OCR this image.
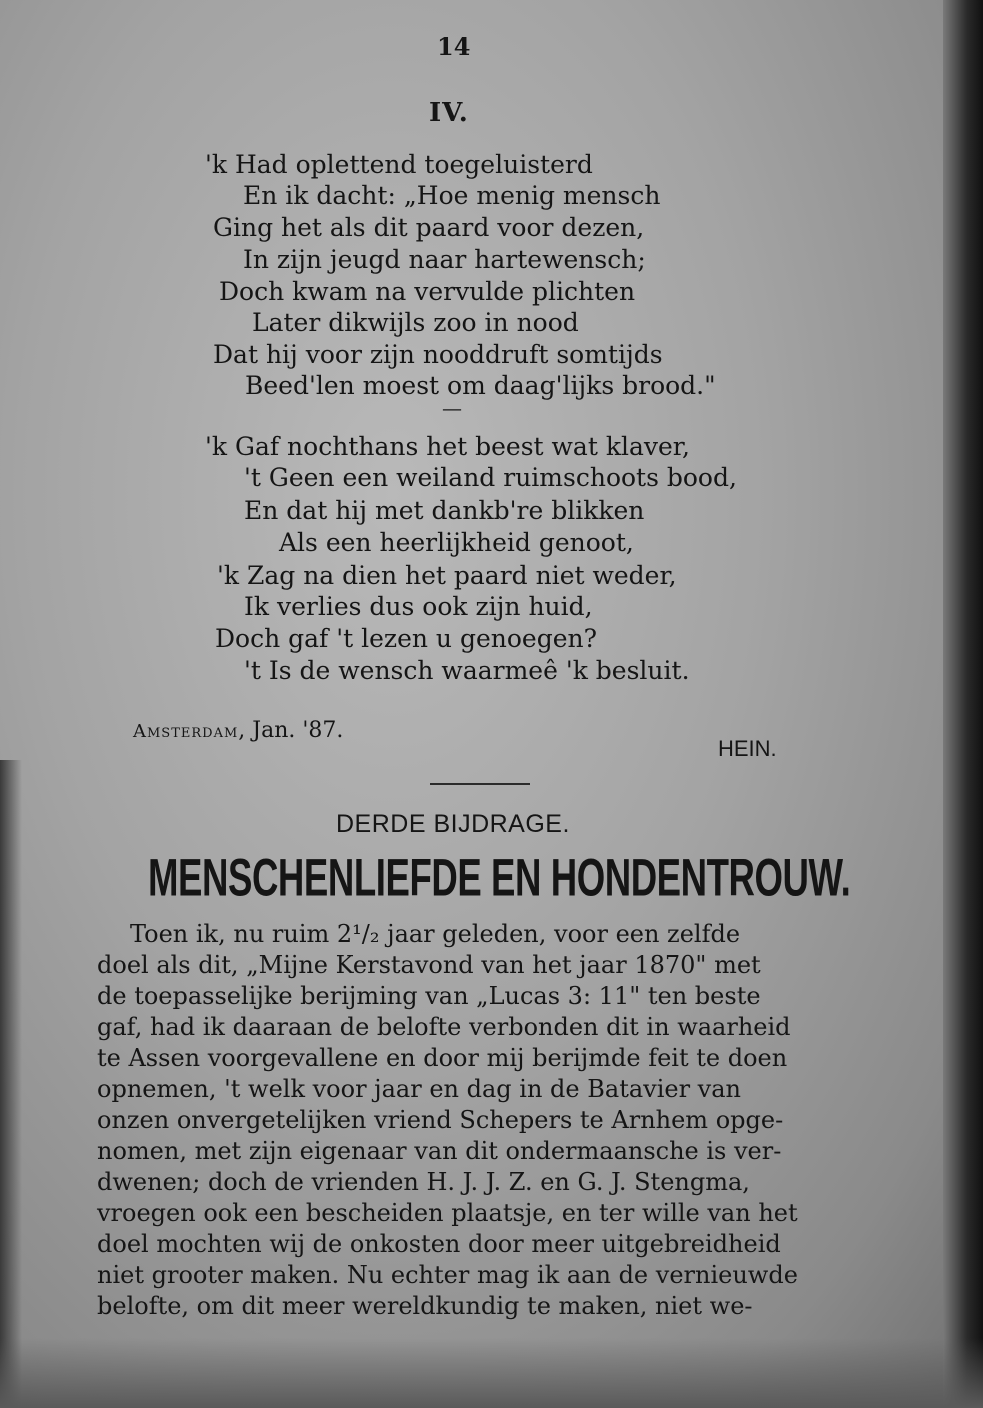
14
IV.
'k Had oplettend toegeluisterd
En ik dacht: „Hoe menig mensch
Ging het als dit paard voor dezen,
In zijn jeugd naar hartewensch;
Doch kwam na vervulde plichten
Later dikwijls zoo in nood
Dat hij voor zijn nooddruft somtijds
Beed'len moest om daag'lijks brood."
—
'k Gaf nochthans het beest wat klaver,
't Geen een weiland ruimschoots bood,
En dat hij met dankb're blikken
Als een heerlijkheid genoot,
'k Zag na dien het paard niet weder,
Ik verlies dus ook zijn huid,
Doch gaf 't lezen u genoegen?
't Is de wensch waarmeê 'k besluit.
Amsterdam, Jan. '87.
HEIN.
DERDE BIJDRAGE.
MENSCHENLIEFDE EN HONDENTROUW.
Toen ik, nu ruim 2¹/₂ jaar geleden, voor een zelfde
doel als dit, „Mijne Kerstavond van het jaar 1870" met
de toepasselijke berijming van „Lucas 3: 11" ten beste
gaf, had ik daaraan de belofte verbonden dit in waarheid
te Assen voorgevallene en door mij berijmde feit te doen
opnemen, 't welk voor jaar en dag in de Batavier van
onzen onvergetelijken vriend Schepers te Arnhem opge-
nomen, met zijn eigenaar van dit ondermaansche is ver-
dwenen; doch de vrienden H. J. J. Z. en G. J. Stengma,
vroegen ook een bescheiden plaatsje, en ter wille van het
doel mochten wij de onkosten door meer uitgebreidheid
niet grooter maken. Nu echter mag ik aan de vernieuwde
belofte, om dit meer wereldkundig te maken, niet we-
